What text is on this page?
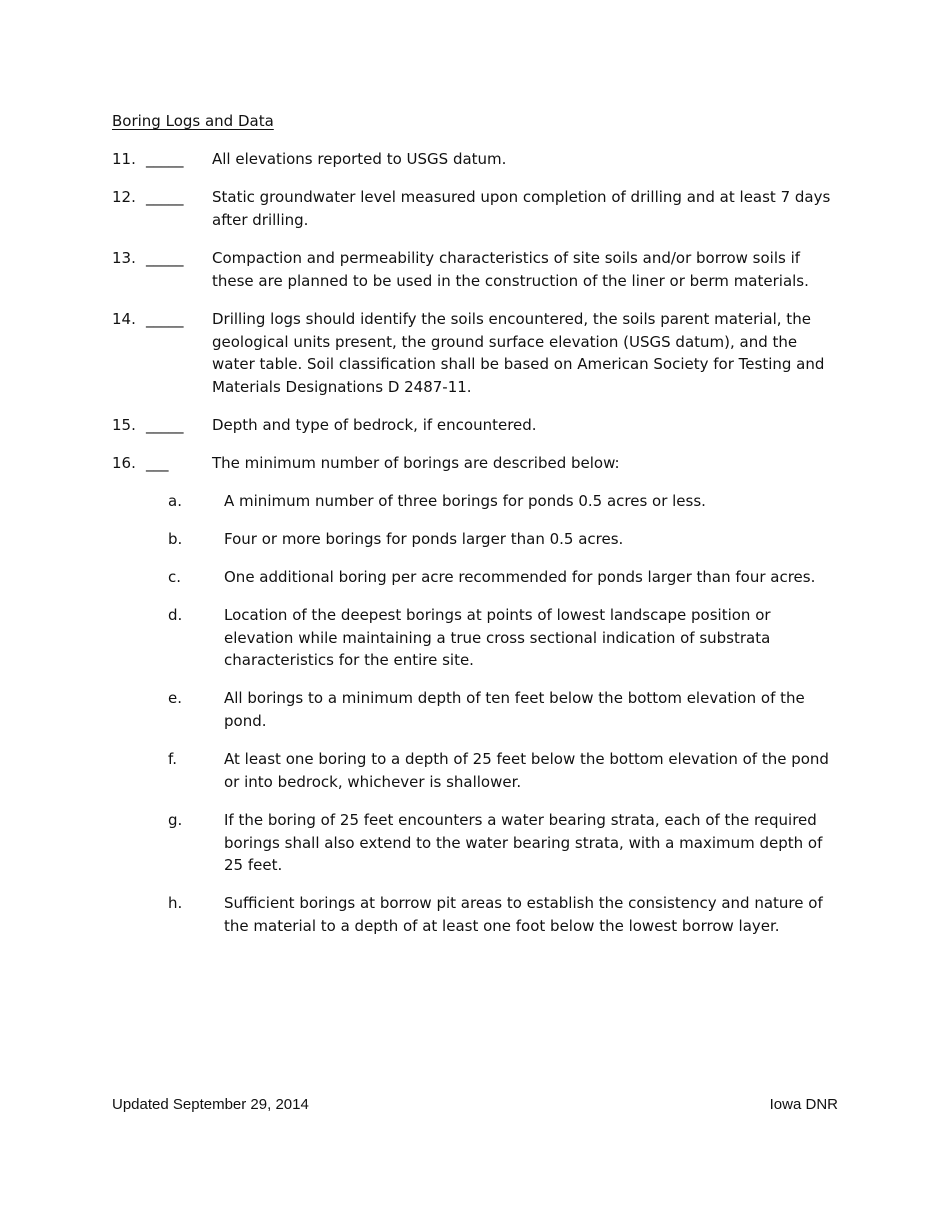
Boring Logs and Data
11. _____ All elevations reported to USGS datum.
12. _____ Static groundwater level measured upon completion of drilling and at least 7 days after drilling.
13. _____ Compaction and permeability characteristics of site soils and/or borrow soils if these are planned to be used in the construction of the liner or berm materials.
14. _____ Drilling logs should identify the soils encountered, the soils parent material, the geological units present, the ground surface elevation (USGS datum), and the water table. Soil classification shall be based on American Society for Testing and Materials Designations D 2487-11.
15. _____ Depth and type of bedrock, if encountered.
16. ___	The minimum number of borings are described below:
a.	A minimum number of three borings for ponds 0.5 acres or less.
b.	Four or more borings for ponds larger than 0.5 acres.
c.	One additional boring per acre recommended for ponds larger than four acres.
d.	Location of the deepest borings at points of lowest landscape position or elevation while maintaining a true cross sectional indication of substrata characteristics for the entire site.
e.	All borings to a minimum depth of ten feet below the bottom elevation of the pond.
f.	At least one boring to a depth of 25 feet below the bottom elevation of the pond or into bedrock, whichever is shallower.
g.	If the boring of 25 feet encounters a water bearing strata, each of the required borings shall also extend to the water bearing strata, with a maximum depth of 25 feet.
h.	Sufficient borings at borrow pit areas to establish the consistency and nature of the material to a depth of at least one foot below the lowest borrow layer.
Updated September 29, 2014	Iowa DNR
